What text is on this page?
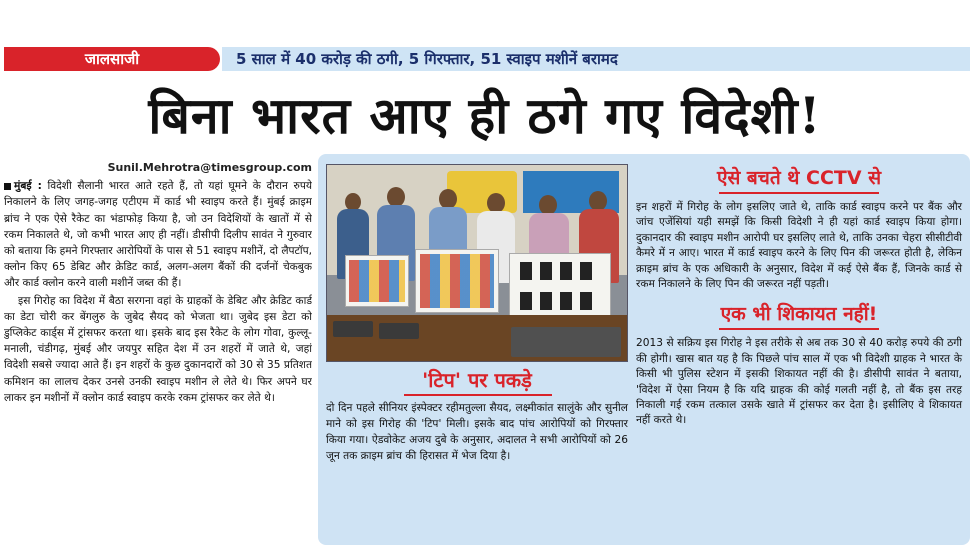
जालसाजी	5 साल में 40 करोड़ की ठगी, 5 गिरफ्तार, 51 स्वाइप मशीनें बरामद
बिना भारत आए ही ठगे गए विदेशी!
Sunil.Mehrotra@timesgroup.com

मुंबई : विदेशी सैलानी भारत आते रहते हैं, तो यहां घूमने के दौरान रुपये निकालने के लिए जगह-जगह एटीएम में कार्ड भी स्वाइप करते हैं। मुंबई क्राइम ब्रांच ने एक ऐसे रैकेट का भंडाफोड़ किया है, जो उन विदेशियों के खातों में से रकम निकालते थे, जो कभी भारत आए ही नहीं। डीसीपी दिलीप सावंत ने गुरुवार को बताया कि हमने गिरफ्तार आरोपियों के पास से 51 स्वाइप मशीनें, दो लैपटॉप, क्लोन किए 65 डेबिट और क्रेडिट कार्ड, अलग-अलग बैंकों की दर्जनों चेकबुक और कार्ड क्लोन करने वाली मशीनें जब्त की हैं।

इस गिरोह का विदेश में बैठा सरगना वहां के ग्राहकों के डेबिट और क्रेडिट कार्ड का डेटा चोरी कर बेंगलुरु के जुबेद सैयद को भेजता था। जुबेद इस डेटा को डुप्लिकेट कार्ड्स में ट्रांसफर करता था। इसके बाद इस रैकेट के लोग गोवा, कुल्लू-मनाली, चंडीगढ़, मुंबई और जयपुर सहित देश में उन शहरों में जाते थे, जहां विदेशी सबसे ज्यादा आते हैं। इन शहरों के कुछ दुकानदारों को 30 से 35 प्रतिशत कमिशन का लालच देकर उनसे उनकी स्वाइप मशीन ले लेते थे। फिर अपने घर लाकर इन मशीनों में क्लोन कार्ड स्वाइप करके रकम ट्रांसफर कर लेते थे।

'टिप' पर पकड़े
दो दिन पहले सीनियर इंस्पेक्टर रहीमतुल्ला सैयद, लक्ष्मीकांत सालुंके और सुनील माने को इस गिरोह की 'टिप' मिली। इसके बाद पांच आरोपियों को गिरफ्तार किया गया। ऐडवोकेट अजय दुबे के अनुसार, अदालत ने सभी आरोपियों को 26 जून तक क्राइम ब्रांच की हिरासत में भेज दिया है।
ऐसे बचते थे CCTV से

इन शहरों में गिरोह के लोग इसलिए जाते थे, ताकि कार्ड स्वाइप करने पर बैंक और जांच एजेंसियां यही समझें कि किसी विदेशी ने ही यहां कार्ड स्वाइप किया होगा। दुकानदार की स्वाइप मशीन आरोपी घर इसलिए लाते थे, ताकि उनका चेहरा सीसीटीवी कैमरे में न आए। भारत में कार्ड स्वाइप करने के लिए पिन की जरूरत होती है, लेकिन क्राइम ब्रांच के एक अधिकारी के अनुसार, विदेश में कई ऐसे बैंक हैं, जिनके कार्ड से रकम निकालने के लिए पिन की जरूरत नहीं पड़ती।

एक भी शिकायत नहीं!

2013 से सक्रिय इस गिरोह ने इस तरीके से अब तक 30 से 40 करोड़ रुपये की ठगी की होगी। खास बात यह है कि पिछले पांच साल में एक भी विदेशी ग्राहक ने भारत के किसी भी पुलिस स्टेशन में इसकी शिकायत नहीं की है। डीसीपी सावंत ने बताया, 'विदेश में ऐसा नियम है कि यदि ग्राहक की कोई गलती नहीं है, तो बैंक इस तरह निकाली गई रकम तत्काल उसके खाते में ट्रांसफर कर देता है। इसीलिए वे शिकायत नहीं करते थे।
